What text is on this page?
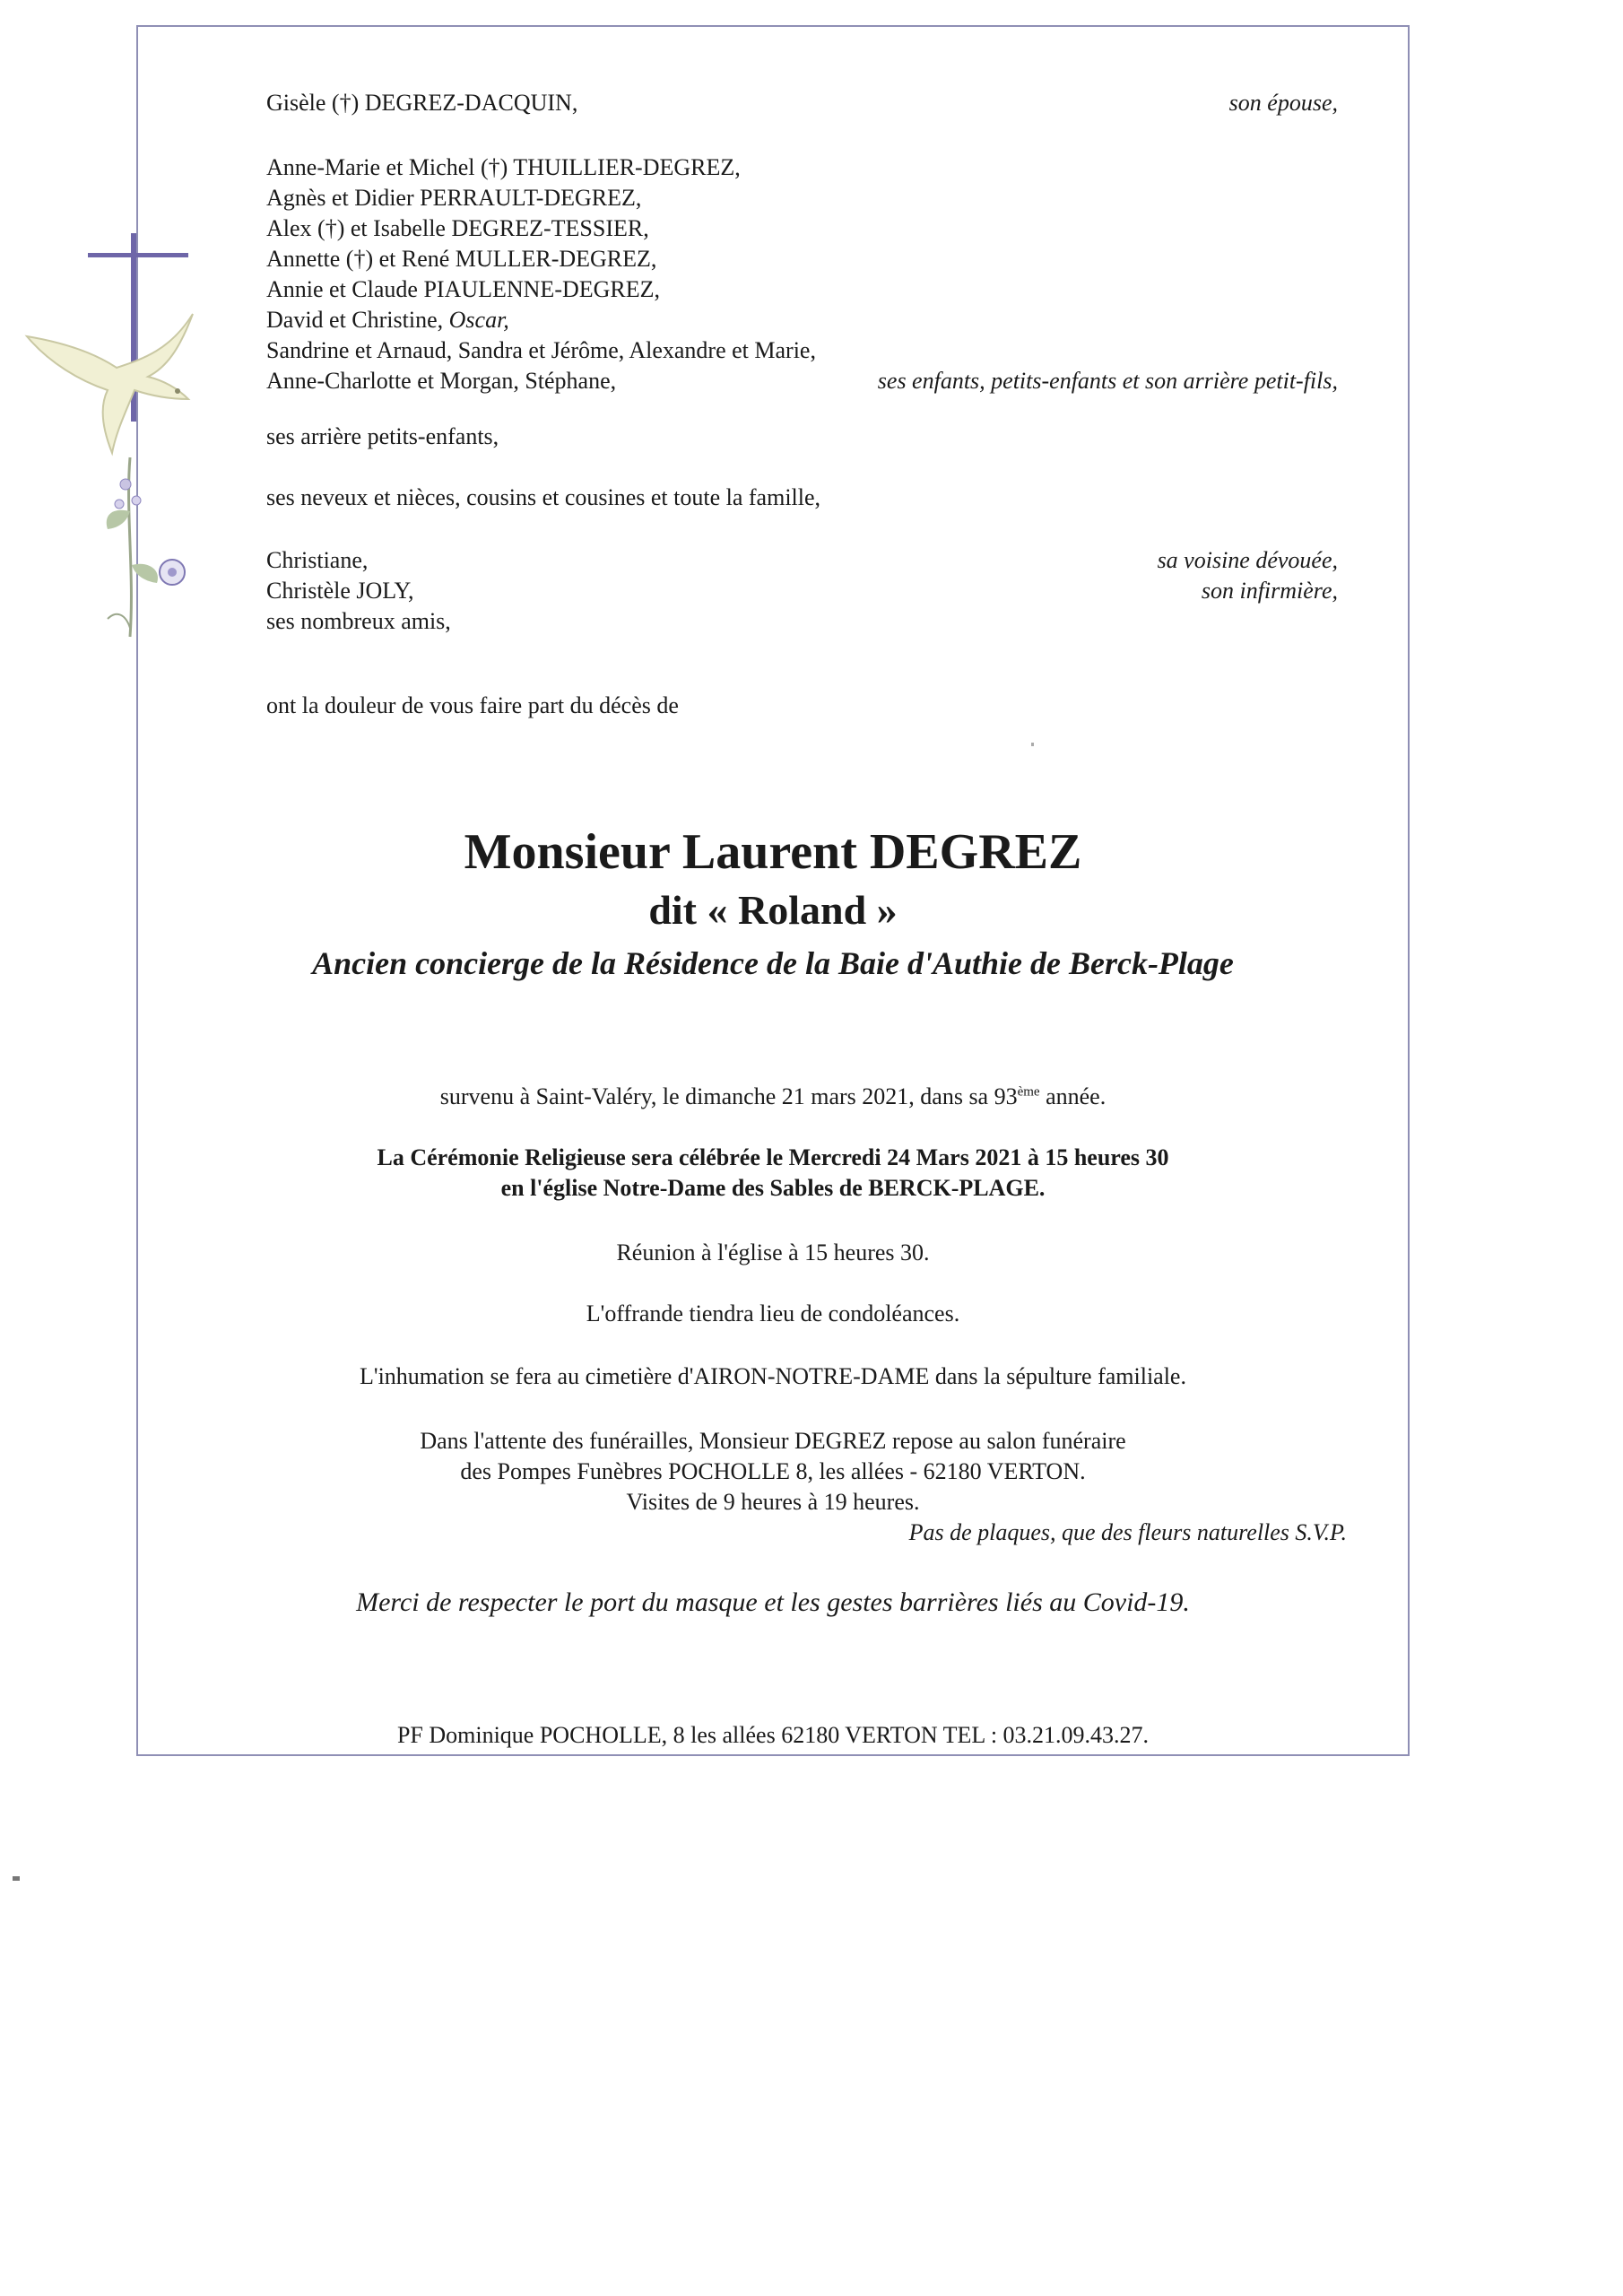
Gisèle (†) DEGREZ-DACQUIN,	son épouse,
Anne-Marie et Michel (†) THUILLIER-DEGREZ,
Agnès et Didier PERRAULT-DEGREZ,
Alex (†) et Isabelle DEGREZ-TESSIER,
Annette (†) et René MULLER-DEGREZ,
Annie et Claude PIAULENNE-DEGREZ,
David et Christine, Oscar,
Sandrine et Arnaud, Sandra et Jérôme, Alexandre et Marie,
Anne-Charlotte et Morgan, Stéphane,	ses enfants, petits-enfants et son arrière petit-fils,
ses arrière petits-enfants,
ses neveux et nièces, cousins et cousines et toute la famille,
Christiane,	sa voisine dévouée,
Christèle JOLY,	son infirmière,
ses nombreux amis,
ont la douleur de vous faire part du décès de
Monsieur Laurent DEGREZ
dit « Roland »
Ancien concierge de la Résidence de la Baie d'Authie de Berck-Plage
survenu à Saint-Valéry, le dimanche 21 mars 2021, dans sa 93ème année.
La Cérémonie Religieuse sera célébrée le Mercredi 24 Mars 2021 à 15 heures 30
en l'église Notre-Dame des Sables de BERCK-PLAGE.
Réunion à l'église à 15 heures 30.
L'offrande tiendra lieu de condoléances.
L'inhumation se fera au cimetière d'AIRON-NOTRE-DAME dans la sépulture familiale.
Dans l'attente des funérailles, Monsieur DEGREZ repose au salon funéraire
des Pompes Funèbres POCHOLLE 8, les allées - 62180 VERTON.
Visites de 9 heures à 19 heures.
Pas de plaques, que des fleurs naturelles S.V.P.
Merci de respecter le port du masque et les gestes barrières liés au Covid-19.
PF Dominique POCHOLLE, 8 les allées 62180 VERTON TEL : 03.21.09.43.27.
